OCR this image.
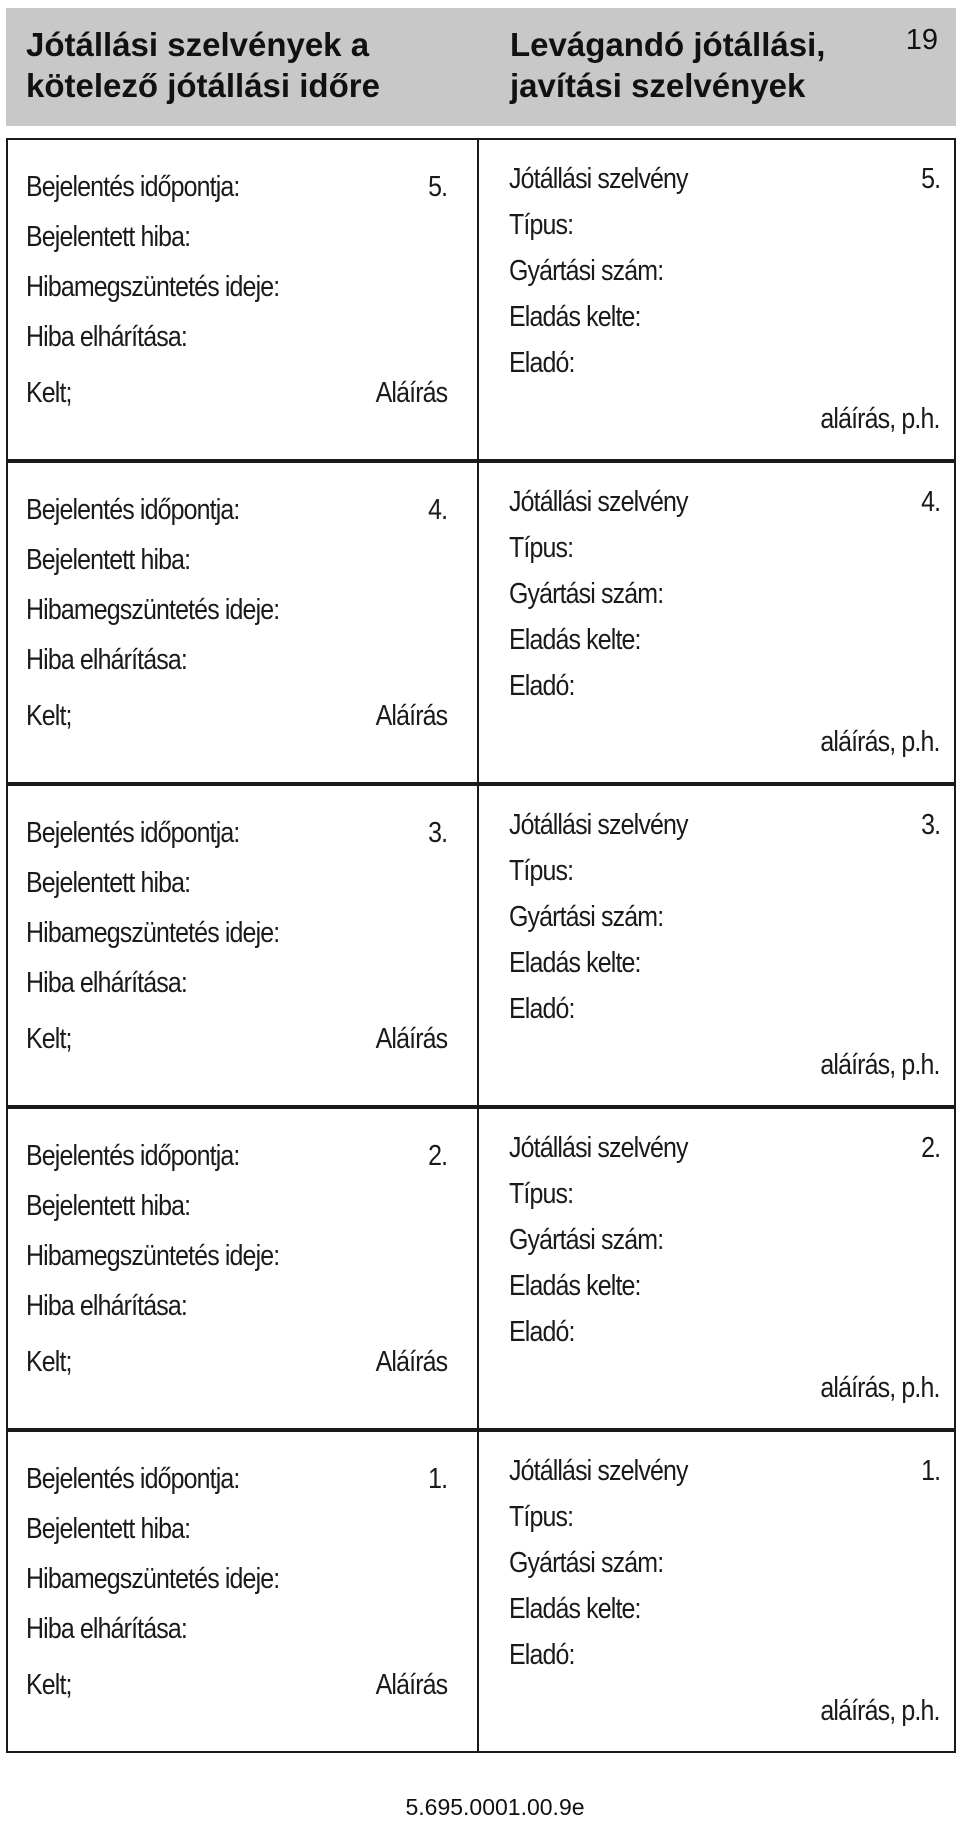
Jótállási szelvények a
kötelező jótállási időre
Levágandó jótállási,
javítási szelvények
19
Bejelentés időpontja:
Bejelentett hiba:
Hibamegszüntetés ideje:
Hiba elhárítása:
Kelt;
5.
Aláírás
Jótállási szelvény
Típus:
Gyártási szám:
Eladás kelte:
Eladó:
5.
aláírás, p.h.
Bejelentés időpontja:
Bejelentett hiba:
Hibamegszüntetés ideje:
Hiba elhárítása:
Kelt;
4.
Aláírás
Jótállási szelvény
Típus:
Gyártási szám:
Eladás kelte:
Eladó:
4.
aláírás, p.h.
Bejelentés időpontja:
Bejelentett hiba:
Hibamegszüntetés ideje:
Hiba elhárítása:
Kelt;
3.
Aláírás
Jótállási szelvény
Típus:
Gyártási szám:
Eladás kelte:
Eladó:
3.
aláírás, p.h.
Bejelentés időpontja:
Bejelentett hiba:
Hibamegszüntetés ideje:
Hiba elhárítása:
Kelt;
2.
Aláírás
Jótállási szelvény
Típus:
Gyártási szám:
Eladás kelte:
Eladó:
2.
aláírás, p.h.
Bejelentés időpontja:
Bejelentett hiba:
Hibamegszüntetés ideje:
Hiba elhárítása:
Kelt;
1.
Aláírás
Jótállási szelvény
Típus:
Gyártási szám:
Eladás kelte:
Eladó:
1.
aláírás, p.h.
5.695.0001.00.9e
